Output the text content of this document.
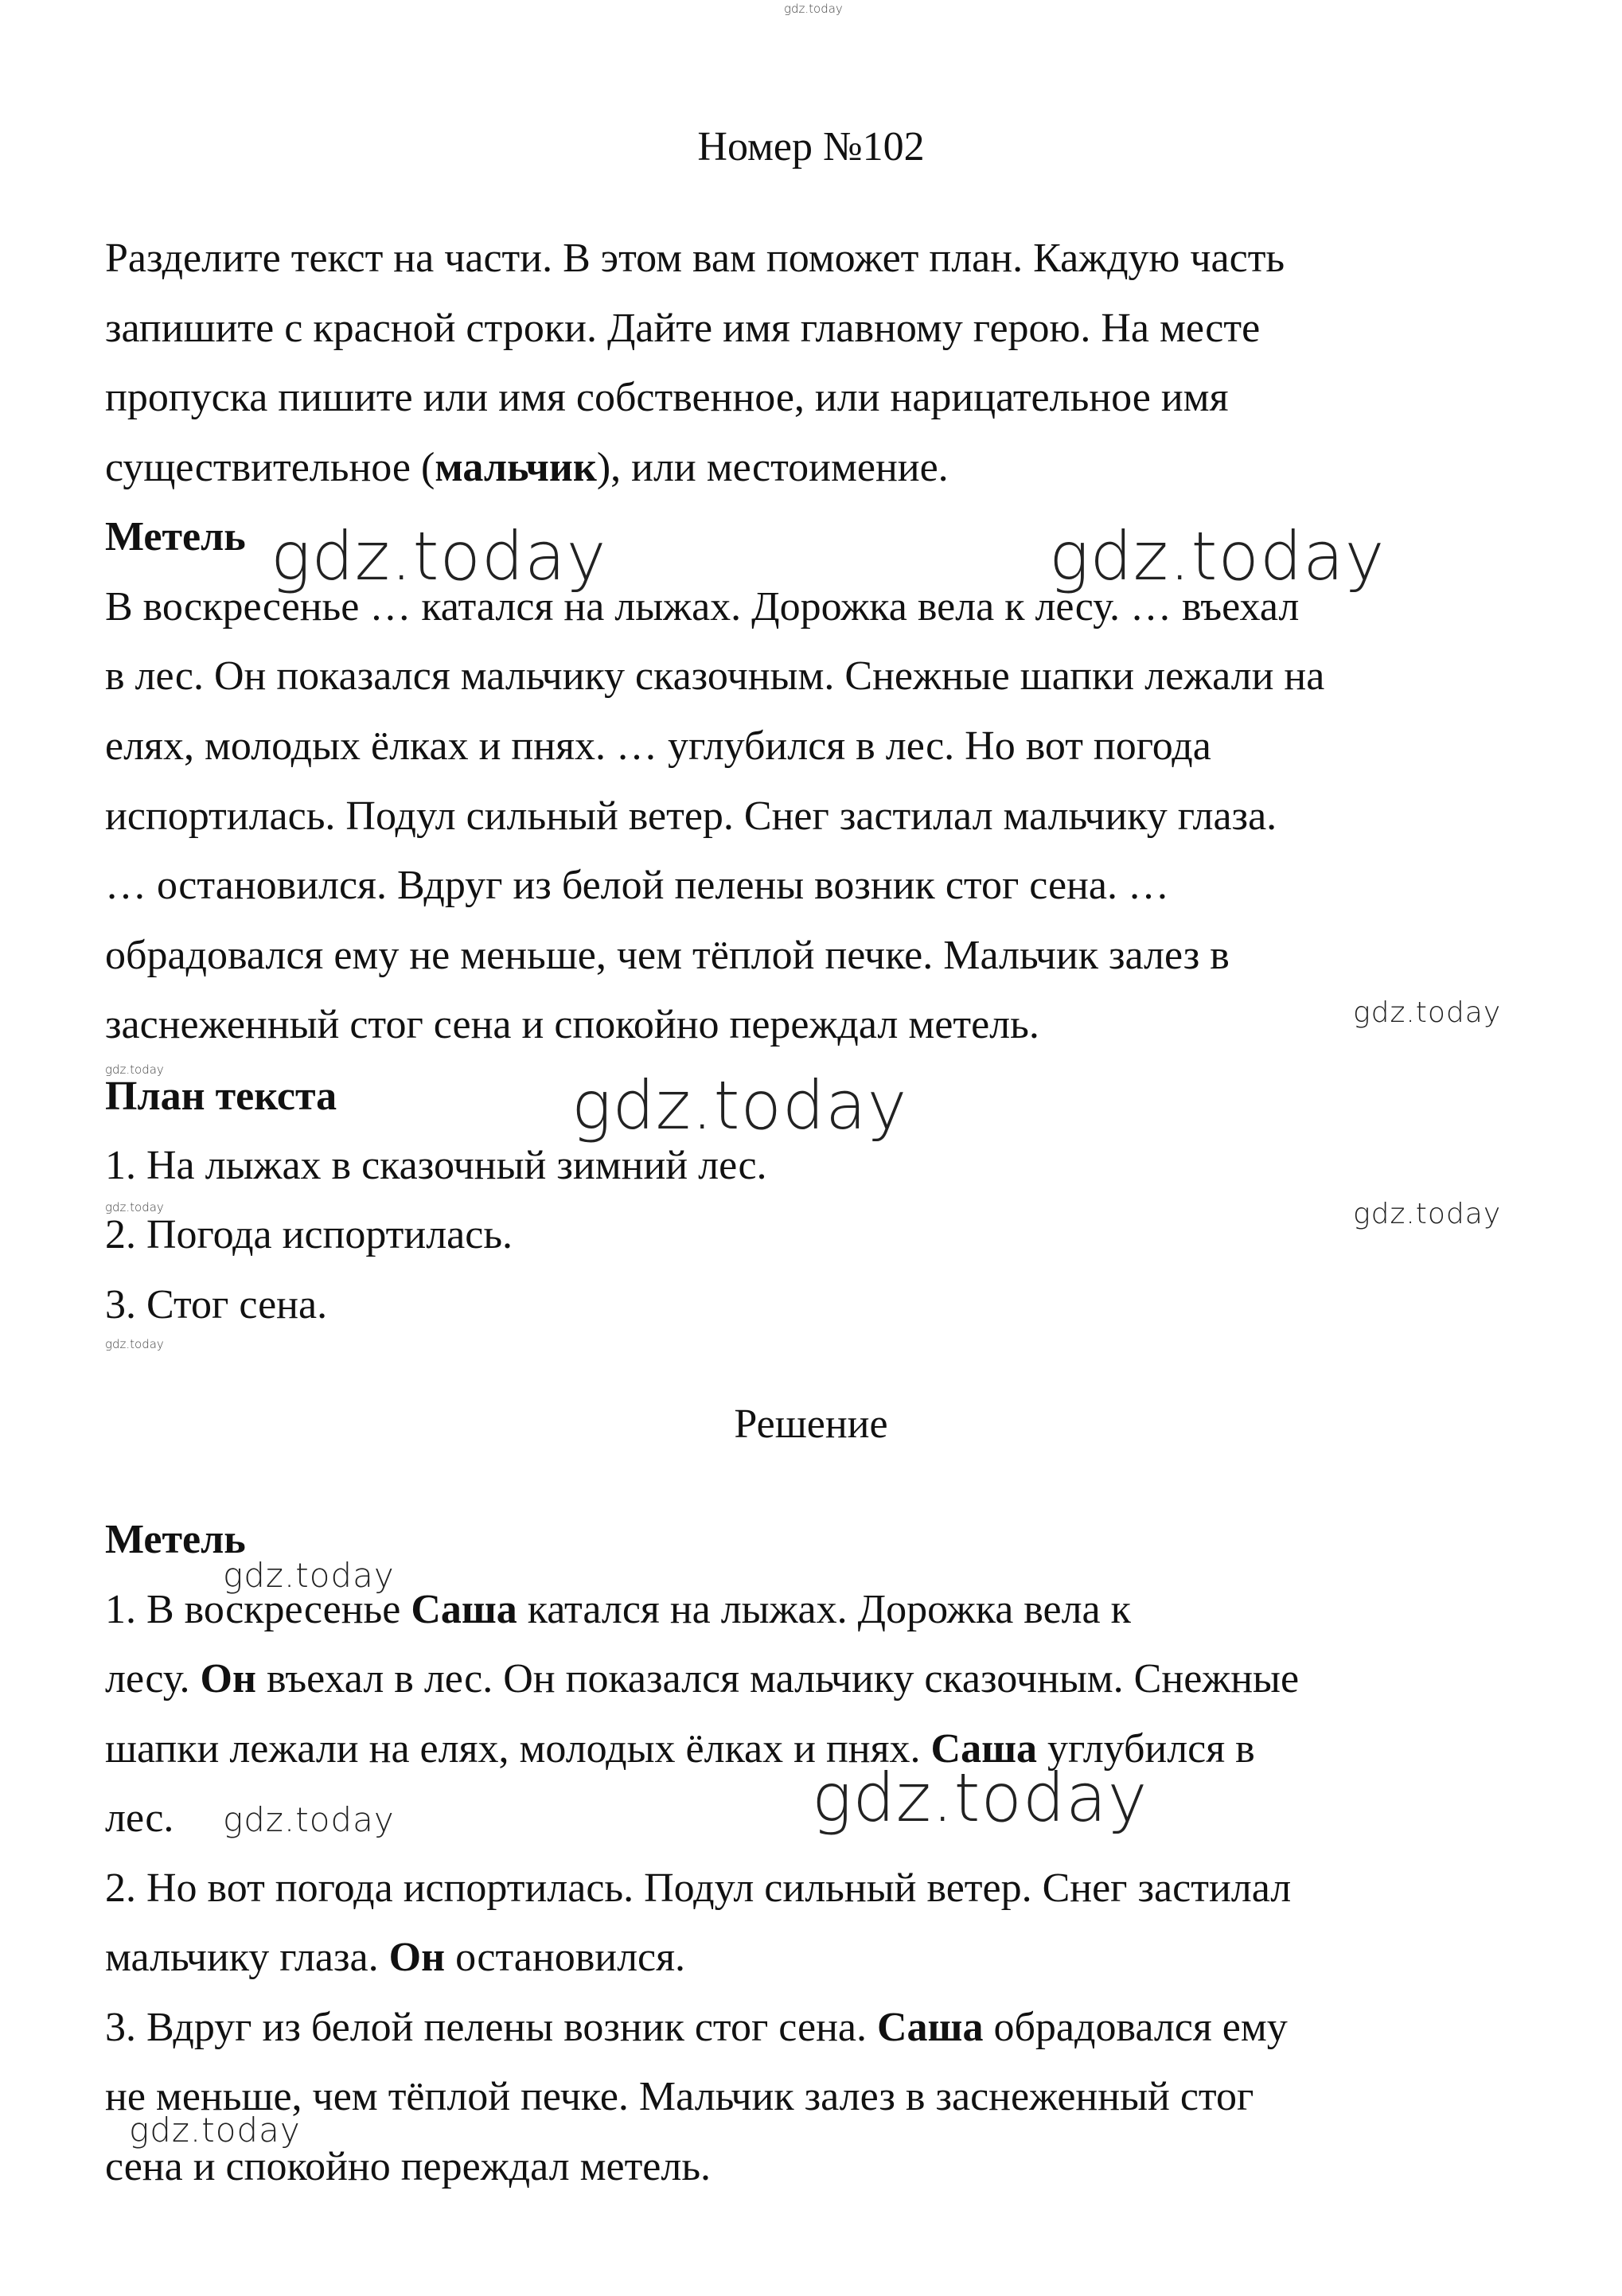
gdz.today
Номер №102
Разделите текст на части. В этом вам поможет план. Каждую часть
запишите с красной строки. Дайте имя главному герою. На месте
пропуска пишите или имя собственное, или нарицательное имя
существительное (мальчик), или местоимение.
Метель
В воскресенье … катался на лыжах. Дорожка вела к лесу. … въехал
в лес. Он показался мальчику сказочным. Снежные шапки лежали на
елях, молодых ёлках и пнях. … углубился в лес. Но вот погода
испортилась. Подул сильный ветер. Снег застилал мальчику глаза.
… остановился. Вдруг из белой пелены возник стог сена. …
обрадовался ему не меньше, чем тёплой печке. Мальчик залез в
заснеженный стог сена и спокойно переждал метель.
gdz.today	gdz.today
gdz.today
gdz.today
План текста
1. На лыжах в сказочный зимний лес.
2. Погода испортилась.
3. Стог сена.
gdz.today
gdz.today	gdz.today
gdz.today
Решение
Метель
1. В воскресенье Саша катался на лыжах. Дорожка вела к
лесу. Он въехал в лес. Он показался мальчику сказочным. Снежные
шапки лежали на елях, молодых ёлках и пнях. Саша углубился в
лес.
2. Но вот погода испортилась. Подул сильный ветер. Снег застилал
мальчику глаза. Он остановился.
3. Вдруг из белой пелены возник стог сена. Саша обрадовался ему
не меньше, чем тёплой печке. Мальчик залез в заснеженный стог
сена и спокойно переждал метель.
gdz.today
gdz.today	gdz.today
gdz.today
